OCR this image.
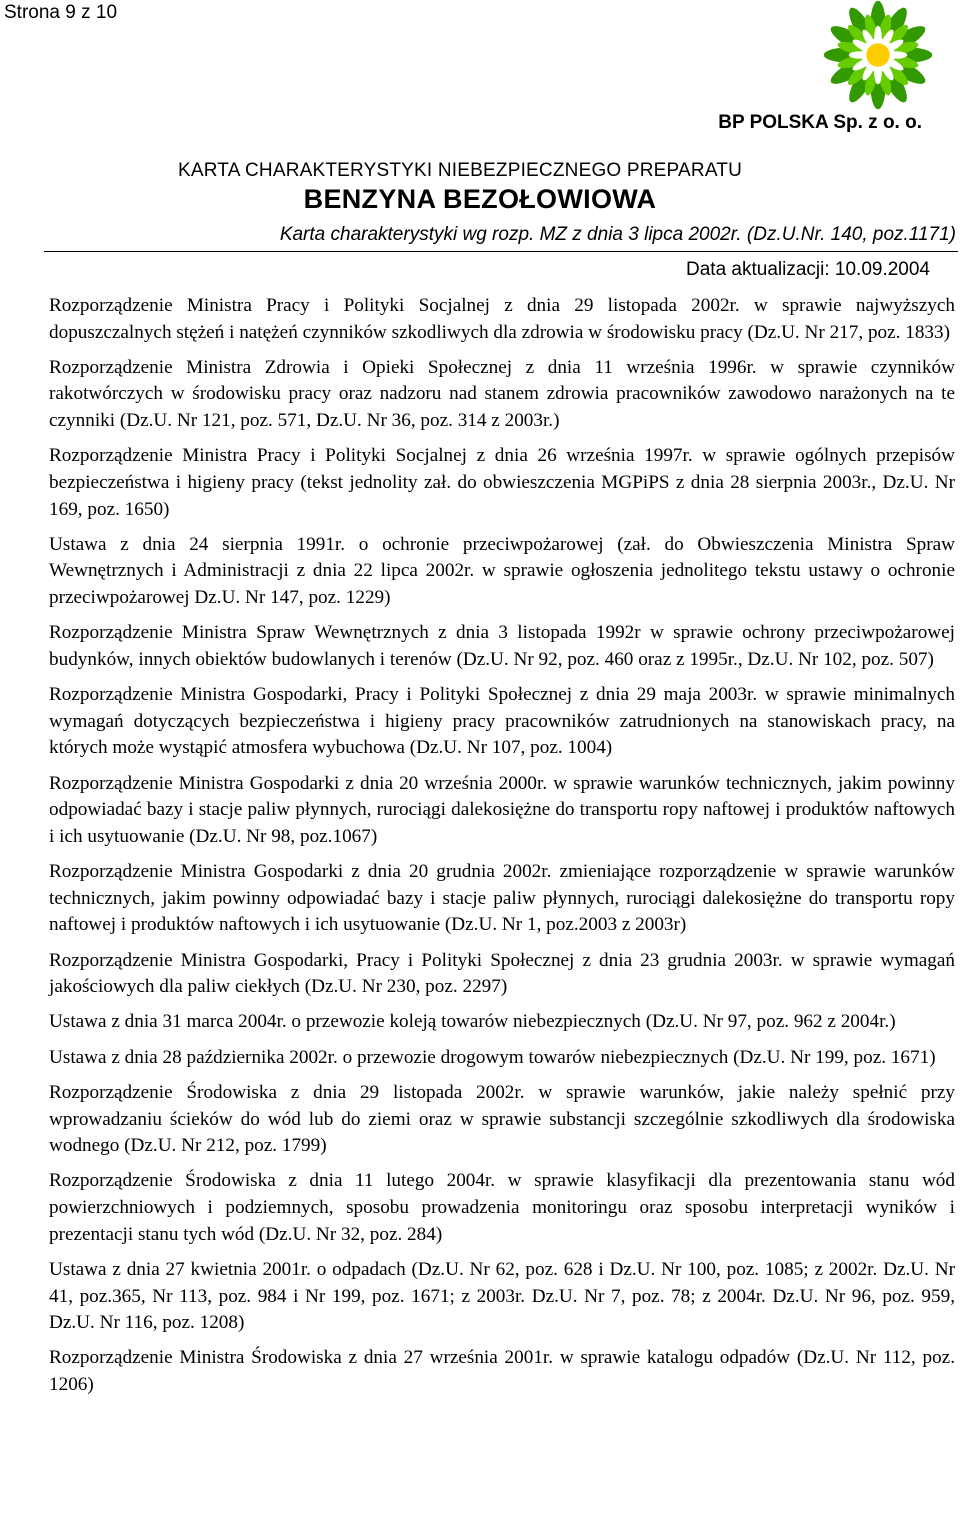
Strona 9 z 10
BP POLSKA Sp. z o. o.
KARTA CHARAKTERYSTYKI NIEBEZPIECZNEGO PREPARATU
BENZYNA BEZOŁOWIOWA
Karta charakterystyki wg rozp. MZ z dnia 3 lipca 2002r. (Dz.U.Nr. 140, poz.1171)
Data aktualizacji: 10.09.2004

Rozporządzenie Ministra Pracy i Polityki Socjalnej z dnia 29 listopada 2002r. w sprawie najwyższych dopuszczalnych stężeń i natężeń czynników szkodliwych dla zdrowia w środowisku pracy (Dz.U. Nr 217, poz. 1833)

Rozporządzenie Ministra Zdrowia i Opieki Społecznej z dnia 11 września 1996r. w sprawie czynników rakotwórczych w środowisku pracy oraz nadzoru nad stanem zdrowia pracowników zawodowo narażonych na te czynniki (Dz.U. Nr 121, poz. 571, Dz.U. Nr 36, poz. 314 z 2003r.)

Rozporządzenie Ministra Pracy i Polityki Socjalnej z dnia 26 września 1997r. w sprawie ogólnych przepisów bezpieczeństwa i higieny pracy (tekst jednolity zał. do obwieszczenia MGPiPS z dnia 28 sierpnia 2003r., Dz.U. Nr 169, poz. 1650)

Ustawa z dnia 24 sierpnia 1991r. o ochronie przeciwpożarowej (zał. do Obwieszczenia Ministra Spraw Wewnętrznych i Administracji z dnia 22 lipca 2002r. w sprawie ogłoszenia jednolitego tekstu ustawy o ochronie przeciwpożarowej Dz.U. Nr 147, poz. 1229)

Rozporządzenie Ministra Spraw Wewnętrznych z dnia 3 listopada 1992r w sprawie ochrony przeciwpożarowej budynków, innych obiektów budowlanych i terenów (Dz.U. Nr 92, poz. 460 oraz z 1995r., Dz.U. Nr 102, poz. 507)

Rozporządzenie Ministra Gospodarki, Pracy i Polityki Społecznej z dnia 29 maja 2003r. w sprawie minimalnych wymagań dotyczących bezpieczeństwa i higieny pracy pracowników zatrudnionych na stanowiskach pracy, na których może wystąpić atmosfera wybuchowa (Dz.U. Nr 107, poz. 1004)

Rozporządzenie Ministra Gospodarki z dnia 20 września 2000r. w sprawie warunków technicznych, jakim powinny odpowiadać bazy i stacje paliw płynnych, rurociągi dalekosiężne do transportu ropy naftowej i produktów naftowych i ich usytuowanie (Dz.U. Nr 98, poz.1067)

Rozporządzenie Ministra Gospodarki z dnia 20 grudnia 2002r. zmieniające rozporządzenie w sprawie warunków technicznych, jakim powinny odpowiadać bazy i stacje paliw płynnych, rurociągi dalekosiężne do transportu ropy naftowej i produktów naftowych i ich usytuowanie (Dz.U. Nr 1, poz.2003 z 2003r)

Rozporządzenie Ministra Gospodarki, Pracy i Polityki Społecznej z dnia 23 grudnia 2003r. w sprawie wymagań jakościowych dla paliw ciekłych (Dz.U. Nr 230, poz. 2297)

Ustawa z dnia 31 marca 2004r. o przewozie koleją towarów niebezpiecznych (Dz.U. Nr 97, poz. 962 z 2004r.)

Ustawa z dnia 28 października 2002r. o przewozie drogowym towarów niebezpiecznych (Dz.U. Nr 199, poz. 1671)

Rozporządzenie Środowiska z dnia 29 listopada 2002r. w sprawie warunków, jakie należy spełnić przy wprowadzaniu ścieków do wód lub do ziemi oraz w sprawie substancji szczególnie szkodliwych dla środowiska wodnego (Dz.U. Nr 212, poz. 1799)

Rozporządzenie Środowiska z dnia 11 lutego 2004r. w sprawie klasyfikacji dla prezentowania stanu wód powierzchniowych i podziemnych, sposobu prowadzenia monitoringu oraz sposobu interpretacji wyników i prezentacji stanu tych wód (Dz.U. Nr 32, poz. 284)

Ustawa z dnia 27 kwietnia 2001r. o odpadach (Dz.U. Nr 62, poz. 628 i Dz.U. Nr 100, poz. 1085; z 2002r. Dz.U. Nr 41, poz.365, Nr 113, poz. 984 i Nr 199, poz. 1671; z 2003r. Dz.U. Nr 7, poz. 78; z 2004r. Dz.U. Nr 96, poz. 959, Dz.U. Nr 116, poz. 1208)

Rozporządzenie Ministra Środowiska z dnia 27 września 2001r. w sprawie katalogu odpadów (Dz.U. Nr 112, poz. 1206)
